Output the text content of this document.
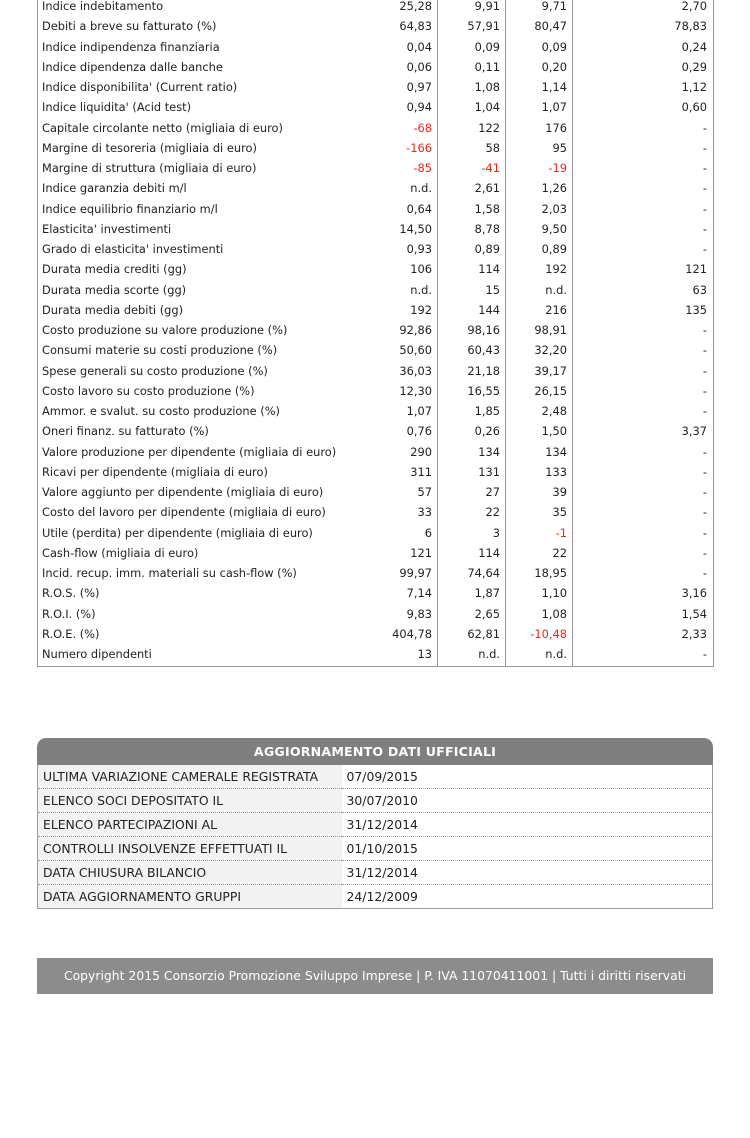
Indice indebitamento	25,28	9,91	9,71	2,70
Debiti a breve su fatturato (%)	64,83	57,91	80,47	78,83
Indice indipendenza finanziaria	0,04	0,09	0,09	0,24
Indice dipendenza dalle banche	0,06	0,11	0,20	0,29
Indice disponibilita' (Current ratio)	0,97	1,08	1,14	1,12
Indice liquidita' (Acid test)	0,94	1,04	1,07	0,60
Capitale circolante netto (migliaia di euro)	-68	122	176	-
Margine di tesoreria (migliaia di euro)	-166	58	95	-
Margine di struttura (migliaia di euro)	-85	-41	-19	-
Indice garanzia debiti m/l	n.d.	2,61	1,26	-
Indice equilibrio finanziario m/l	0,64	1,58	2,03	-
Elasticita' investimenti	14,50	8,78	9,50	-
Grado di elasticita' investimenti	0,93	0,89	0,89	-
Durata media crediti (gg)	106	114	192	121
Durata media scorte (gg)	n.d.	15	n.d.	63
Durata media debiti (gg)	192	144	216	135
Costo produzione su valore produzione (%)	92,86	98,16	98,91	-
Consumi materie su costi produzione (%)	50,60	60,43	32,20	-
Spese generali su costo produzione (%)	36,03	21,18	39,17	-
Costo lavoro su costo produzione (%)	12,30	16,55	26,15	-
Ammor. e svalut. su costo produzione (%)	1,07	1,85	2,48	-
Oneri finanz. su fatturato (%)	0,76	0,26	1,50	3,37
Valore produzione per dipendente (migliaia di euro)	290	134	134	-
Ricavi per dipendente (migliaia di euro)	311	131	133	-
Valore aggiunto per dipendente (migliaia di euro)	57	27	39	-
Costo del lavoro per dipendente (migliaia di euro)	33	22	35	-
Utile (perdita) per dipendente (migliaia di euro)	6	3	-1	-
Cash-flow (migliaia di euro)	121	114	22	-
Incid. recup. imm. materiali su cash-flow (%)	99,97	74,64	18,95	-
R.O.S. (%)	7,14	1,87	1,10	3,16
R.O.I. (%)	9,83	2,65	1,08	1,54
R.O.E. (%)	404,78	62,81	-10,48	2,33
Numero dipendenti	13	n.d.	n.d.	-
AGGIORNAMENTO DATI UFFICIALI
ULTIMA VARIAZIONE CAMERALE REGISTRATA	07/09/2015
ELENCO SOCI DEPOSITATO IL	30/07/2010
ELENCO PARTECIPAZIONI AL	31/12/2014
CONTROLLI INSOLVENZE EFFETTUATI IL	01/10/2015
DATA CHIUSURA BILANCIO	31/12/2014
DATA AGGIORNAMENTO GRUPPI	24/12/2009
Copyright 2015 Consorzio Promozione Sviluppo Imprese | P. IVA 11070411001 | Tutti i diritti riservati
